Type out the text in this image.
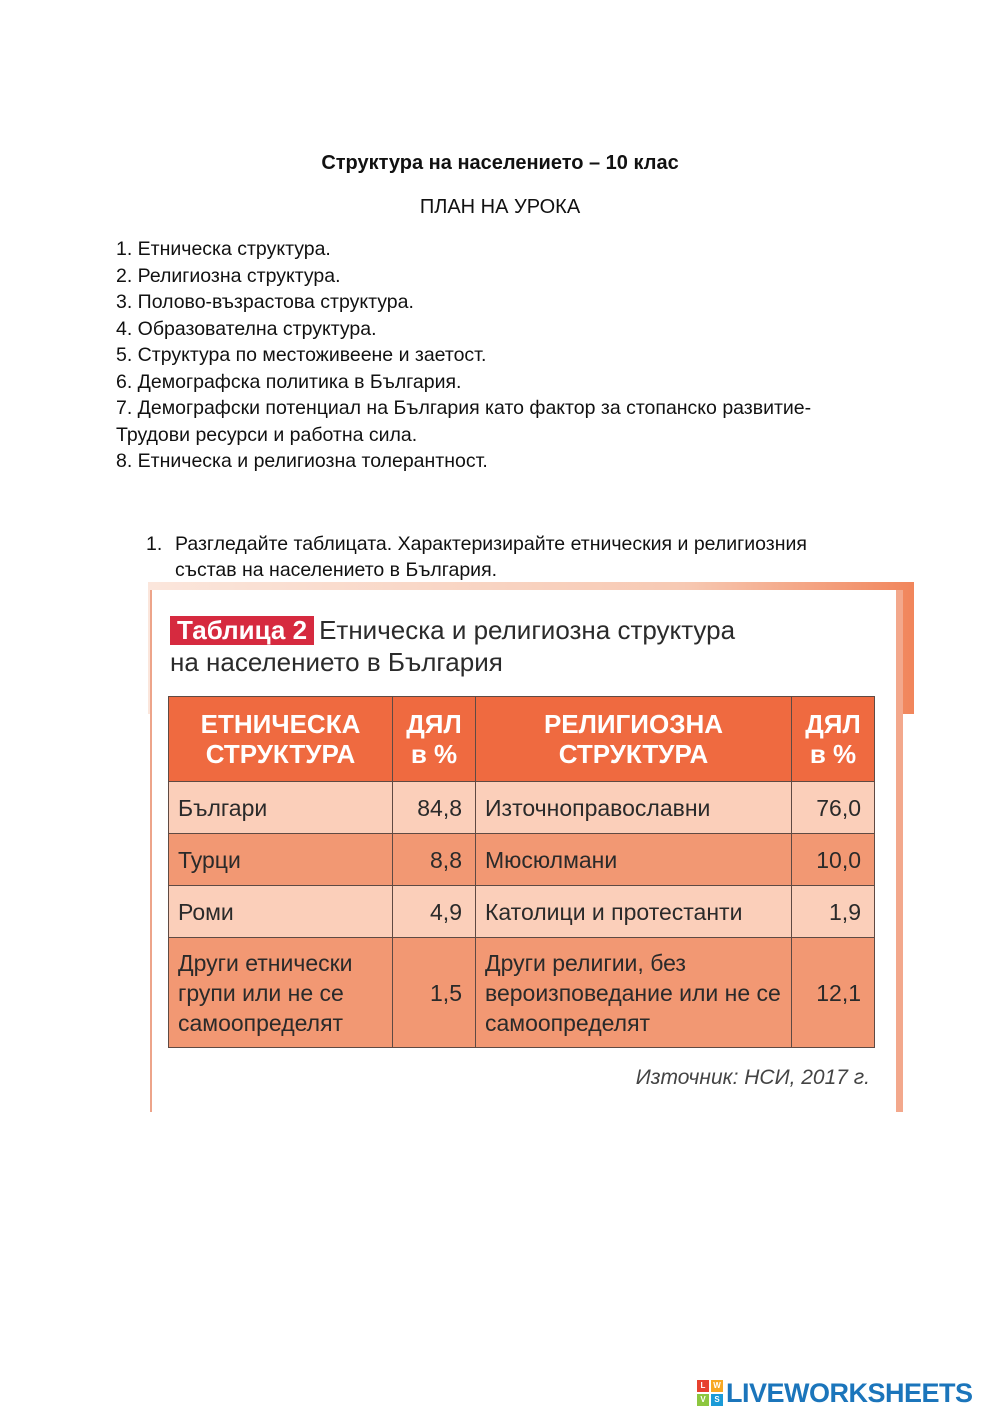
Структура на населението – 10 клас
ПЛАН НА УРОКА
1. Етническа структура.
2. Религиозна структура.
3. Полово-възрастова структура.
4. Образователна структура.
5. Структура по местоживеене и заетост.
6. Демографска политика в България.
7. Демографски потенциал на България като фактор за стопанско развитие- Трудови ресурси и работна сила.
8. Етническа и религиозна толерантност.
1. Разгледайте таблицата. Характеризирайте етническия и религиозния състав на населението в България.
Таблица 2 Етническа и религиозна структура
на населението в България
ЕТНИЧЕСКА СТРУКТУРА	ДЯЛ в %	РЕЛИГИОЗНА СТРУКТУРА	ДЯЛ в %
Българи	84,8	Източноправославни	76,0
Турци	8,8	Мюсюлмани	10,0
Роми	4,9	Католици и протестанти	1,9
Други етнически групи или не се самоопределят	1,5	Други религии, без вероизповедание или не се самоопределят	12,1
Източник: НСИ, 2017 г.
L W
V	S LIVEWORKSHEETS
